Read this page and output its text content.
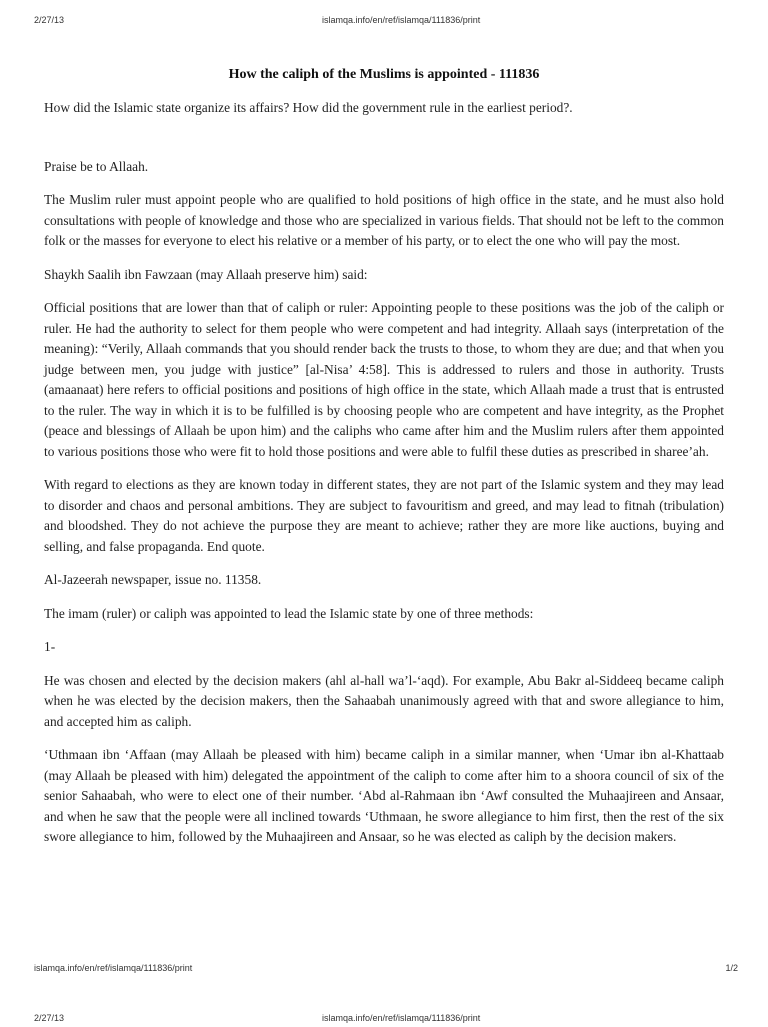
2/27/13	islamqa.info/en/ref/islamqa/111836/print
How the caliph of the Muslims is appointed - 111836

How did the Islamic state organize its affairs? How did the government rule in the earliest period?.

Praise be to Allaah.

The Muslim ruler must appoint people who are qualified to hold positions of high office in the state, and he must also hold consultations with people of knowledge and those who are specialized in various fields. That should not be left to the common folk or the masses for everyone to elect his relative or a member of his party, or to elect the one who will pay the most.

Shaykh Saalih ibn Fawzaan (may Allaah preserve him) said:

Official positions that are lower than that of caliph or ruler: Appointing people to these positions was the job of the caliph or ruler. He had the authority to select for them people who were competent and had integrity. Allaah says (interpretation of the meaning): “Verily, Allaah commands that you should render back the trusts to those, to whom they are due; and that when you judge between men, you judge with justice” [al-Nisa’ 4:58]. This is addressed to rulers and those in authority. Trusts (amaanaat) here refers to official positions and positions of high office in the state, which Allaah made a trust that is entrusted to the ruler. The way in which it is to be fulfilled is by choosing people who are competent and have integrity, as the Prophet (peace and blessings of Allaah be upon him) and the caliphs who came after him and the Muslim rulers after them appointed to various positions those who were fit to hold those positions and were able to fulfil these duties as prescribed in sharee’ah.

With regard to elections as they are known today in different states, they are not part of the Islamic system and they may lead to disorder and chaos and personal ambitions. They are subject to favouritism and greed, and may lead to fitnah (tribulation) and bloodshed. They do not achieve the purpose they are meant to achieve; rather they are more like auctions, buying and selling, and false propaganda. End quote.

Al-Jazeerah newspaper, issue no. 11358.

The imam (ruler) or caliph was appointed to lead the Islamic state by one of three methods:

1-

He was chosen and elected by the decision makers (ahl al-hall wa’l-‘aqd). For example, Abu Bakr al-Siddeeq became caliph when he was elected by the decision makers, then the Sahaabah unanimously agreed with that and swore allegiance to him, and accepted him as caliph.

‘Uthmaan ibn ‘Affaan (may Allaah be pleased with him) became caliph in a similar manner, when ‘Umar ibn al-Khattaab (may Allaah be pleased with him) delegated the appointment of the caliph to come after him to a shoora council of six of the senior Sahaabah, who were to elect one of their number. ‘Abd al-Rahmaan ibn ‘Awf consulted the Muhaajireen and Ansaar, and when he saw that the people were all inclined towards ‘Uthmaan, he swore allegiance to him first, then the rest of the six swore allegiance to him, followed by the Muhaajireen and Ansaar, so he was elected as caliph by the decision makers.

islamqa.info/en/ref/islamqa/111836/print	1/2
2/27/13	islamqa.info/en/ref/islamqa/111836/print
